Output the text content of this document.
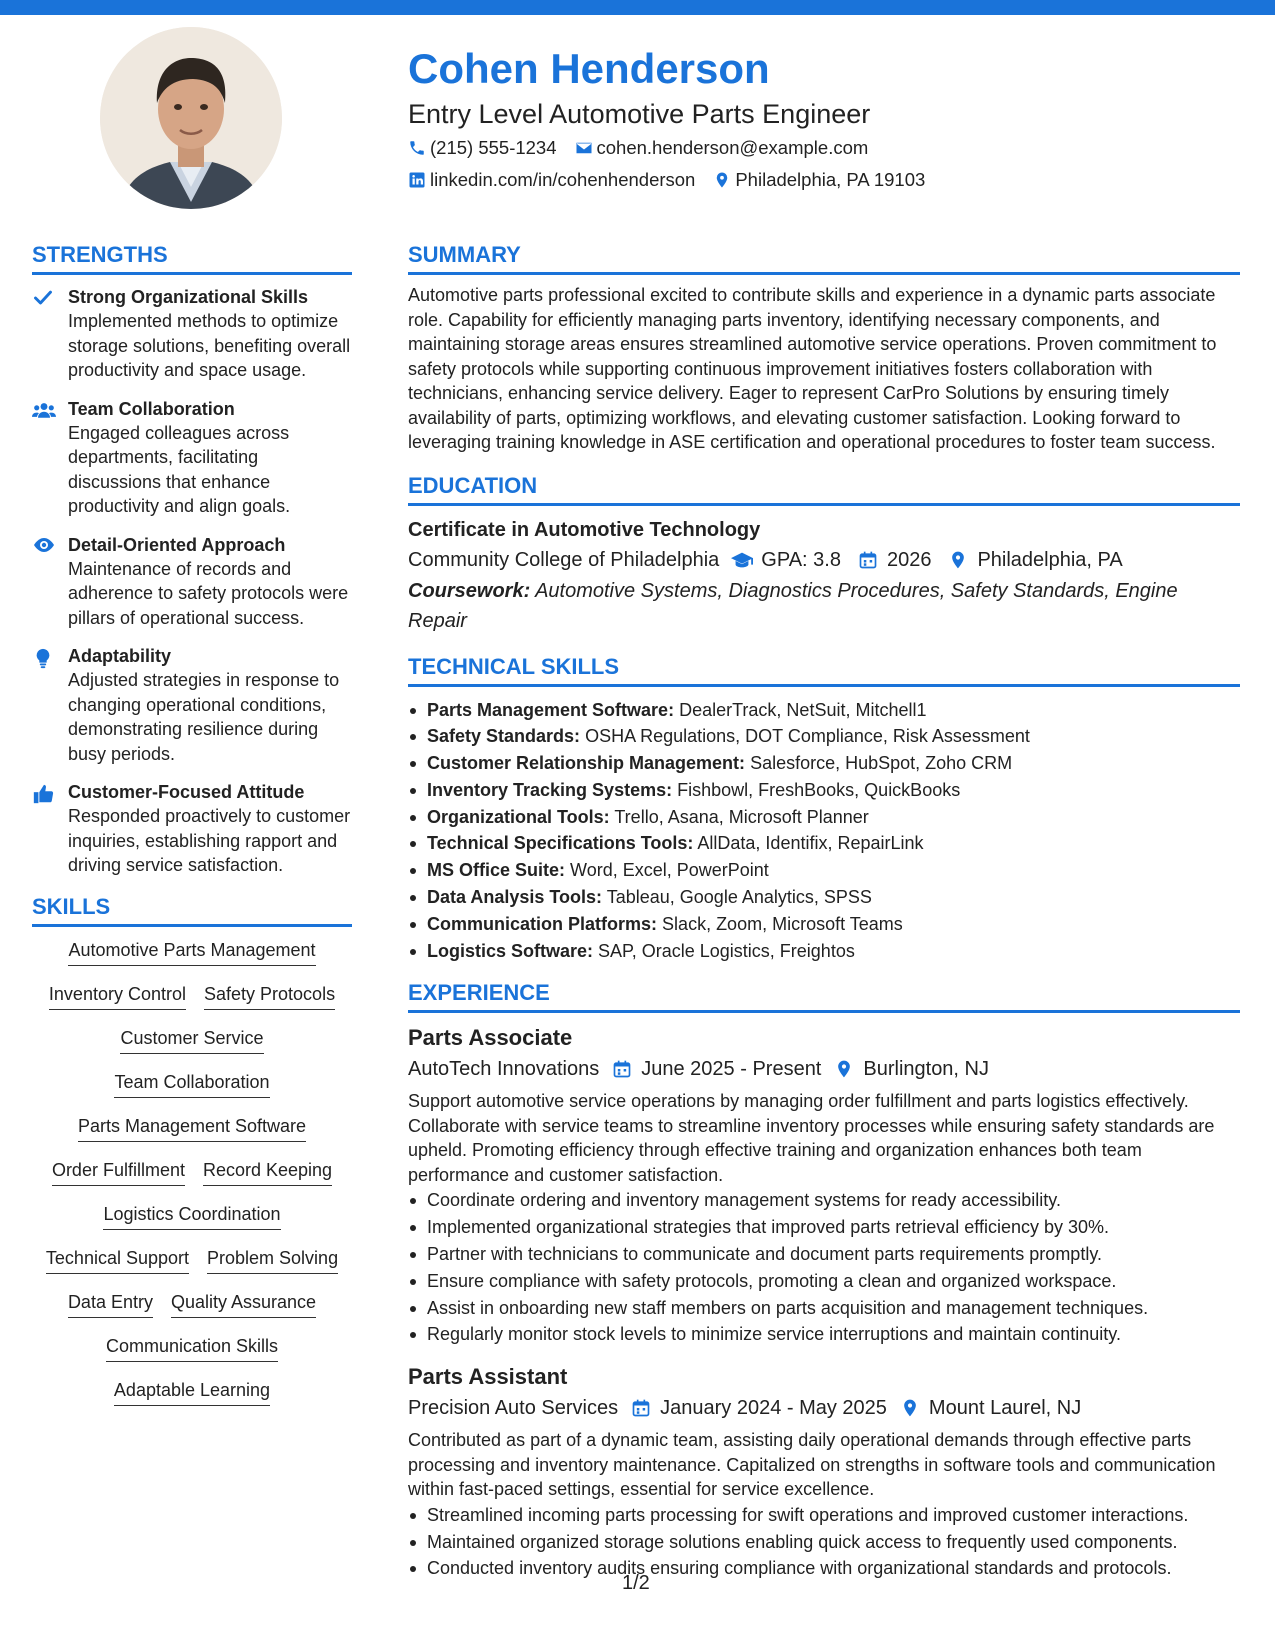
Cohen Henderson
Entry Level Automotive Parts Engineer
(215) 555-1234 cohen.henderson@example.com
linkedin.com/in/cohenhenderson Philadelphia, PA 19103
STRENGTHS
Strong Organizational Skills
Implemented methods to optimize storage solutions, benefiting overall productivity and space usage.
Team Collaboration
Engaged colleagues across departments, facilitating discussions that enhance productivity and align goals.
Detail-Oriented Approach
Maintenance of records and adherence to safety protocols were pillars of operational success.
Adaptability
Adjusted strategies in response to changing operational conditions, demonstrating resilience during busy periods.
Customer-Focused Attitude
Responded proactively to customer inquiries, establishing rapport and driving service satisfaction.
SKILLS
Automotive Parts Management
Inventory Control Safety Protocols
Customer Service
Team Collaboration
Parts Management Software
Order Fulfillment Record Keeping
Logistics Coordination
Technical Support Problem Solving
Data Entry Quality Assurance
Communication Skills
Adaptable Learning
SUMMARY
Automotive parts professional excited to contribute skills and experience in a dynamic parts associate role. Capability for efficiently managing parts inventory, identifying necessary components, and maintaining storage areas ensures streamlined automotive service operations. Proven commitment to safety protocols while supporting continuous improvement initiatives fosters collaboration with technicians, enhancing service delivery. Eager to represent CarPro Solutions by ensuring timely availability of parts, optimizing workflows, and elevating customer satisfaction. Looking forward to leveraging training knowledge in ASE certification and operational procedures to foster team success.
EDUCATION
Certificate in Automotive Technology
Community College of Philadelphia GPA: 3.8 2026 Philadelphia, PA
Coursework: Automotive Systems, Diagnostics Procedures, Safety Standards, Engine Repair
TECHNICAL SKILLS
Parts Management Software: DealerTrack, NetSuit, Mitchell1
Safety Standards: OSHA Regulations, DOT Compliance, Risk Assessment
Customer Relationship Management: Salesforce, HubSpot, Zoho CRM
Inventory Tracking Systems: Fishbowl, FreshBooks, QuickBooks
Organizational Tools: Trello, Asana, Microsoft Planner
Technical Specifications Tools: AllData, Identifix, RepairLink
MS Office Suite: Word, Excel, PowerPoint
Data Analysis Tools: Tableau, Google Analytics, SPSS
Communication Platforms: Slack, Zoom, Microsoft Teams
Logistics Software: SAP, Oracle Logistics, Freightos
EXPERIENCE
Parts Associate
AutoTech Innovations June 2025 - Present Burlington, NJ
Support automotive service operations by managing order fulfillment and parts logistics effectively. Collaborate with service teams to streamline inventory processes while ensuring safety standards are upheld. Promoting efficiency through effective training and organization enhances both team performance and customer satisfaction.
Coordinate ordering and inventory management systems for ready accessibility.
Implemented organizational strategies that improved parts retrieval efficiency by 30%.
Partner with technicians to communicate and document parts requirements promptly.
Ensure compliance with safety protocols, promoting a clean and organized workspace.
Assist in onboarding new staff members on parts acquisition and management techniques.
Regularly monitor stock levels to minimize service interruptions and maintain continuity.
Parts Assistant
Precision Auto Services January 2024 - May 2025 Mount Laurel, NJ
Contributed as part of a dynamic team, assisting daily operational demands through effective parts processing and inventory maintenance. Capitalized on strengths in software tools and communication within fast-paced settings, essential for service excellence.
Streamlined incoming parts processing for swift operations and improved customer interactions.
Maintained organized storage solutions enabling quick access to frequently used components.
Conducted inventory audits ensuring compliance with organizational standards and protocols.
1/2
